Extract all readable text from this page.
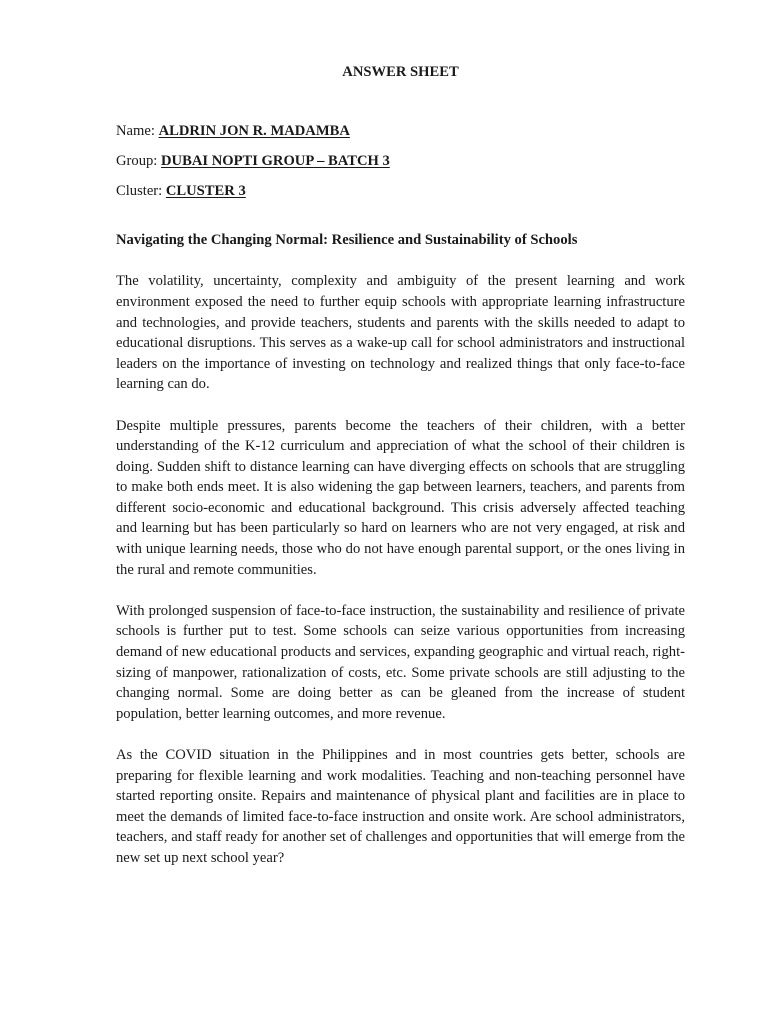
ANSWER SHEET
Name: ALDRIN JON R. MADAMBA
Group: DUBAI NOPTI GROUP – BATCH 3
Cluster: CLUSTER 3
Navigating the Changing Normal: Resilience and Sustainability of Schools

The volatility, uncertainty, complexity and ambiguity of the present learning and work environment exposed the need to further equip schools with appropriate learning infrastructure and technologies, and provide teachers, students and parents with the skills needed to adapt to educational disruptions. This serves as a wake-up call for school administrators and instructional leaders on the importance of investing on technology and realized things that only face-to-face learning can do.

Despite multiple pressures, parents become the teachers of their children, with a better understanding of the K-12 curriculum and appreciation of what the school of their children is doing. Sudden shift to distance learning can have diverging effects on schools that are struggling to make both ends meet. It is also widening the gap between learners, teachers, and parents from different socio-economic and educational background. This crisis adversely affected teaching and learning but has been particularly so hard on learners who are not very engaged, at risk and with unique learning needs, those who do not have enough parental support, or the ones living in the rural and remote communities.

With prolonged suspension of face-to-face instruction, the sustainability and resilience of private schools is further put to test. Some schools can seize various opportunities from increasing demand of new educational products and services, expanding geographic and virtual reach, right-sizing of manpower, rationalization of costs, etc. Some private schools are still adjusting to the changing normal. Some are doing better as can be gleaned from the increase of student population, better learning outcomes, and more revenue.

As the COVID situation in the Philippines and in most countries gets better, schools are preparing for flexible learning and work modalities. Teaching and non-teaching personnel have started reporting onsite. Repairs and maintenance of physical plant and facilities are in place to meet the demands of limited face-to-face instruction and onsite work. Are school administrators, teachers, and staff ready for another set of challenges and opportunities that will emerge from the new set up next school year?
